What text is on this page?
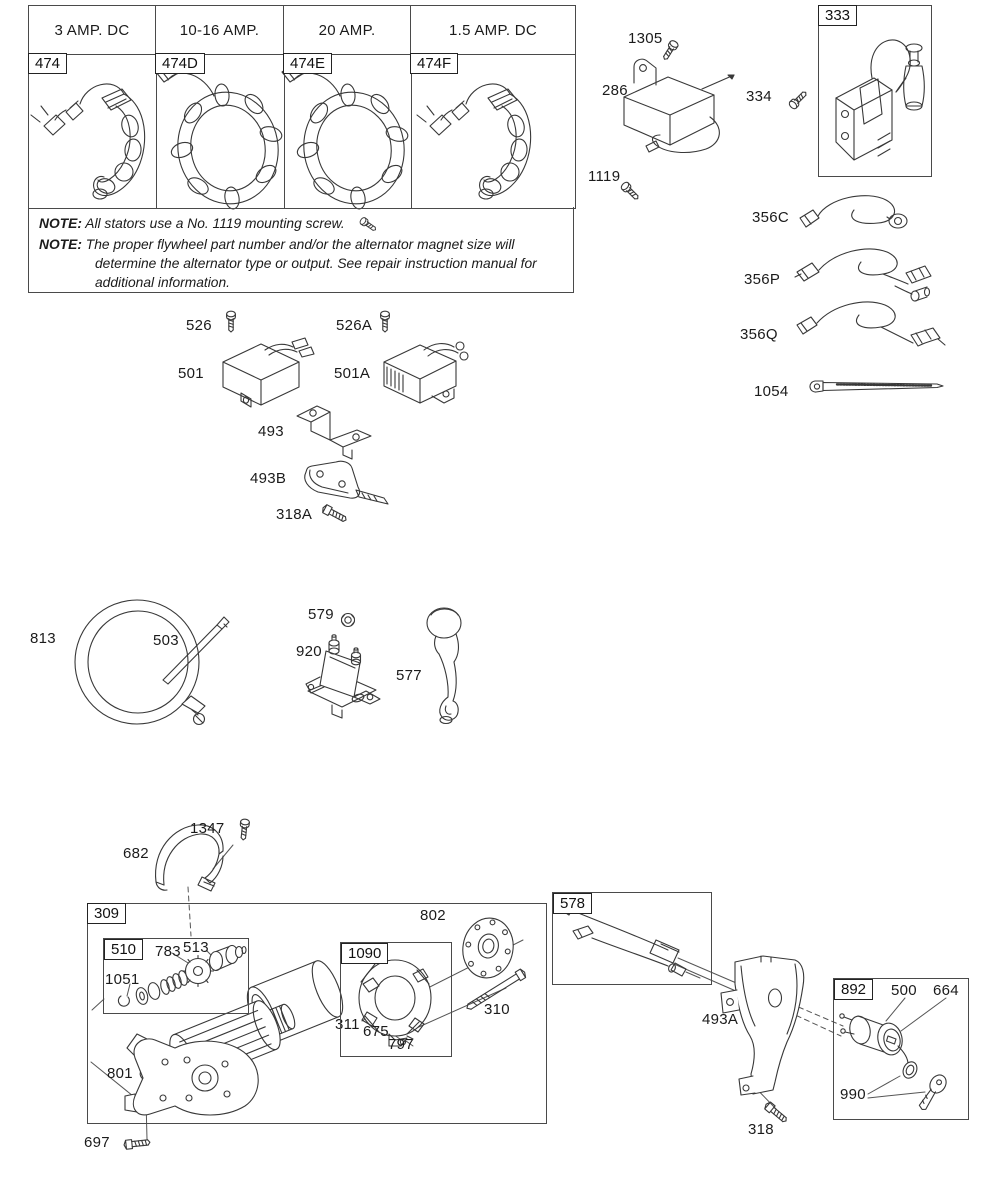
3 AMP. DC	10-16 AMP.	20 AMP.	1.5 AMP. DC
474	474D	474E	474F

NOTE: All stators use a No. 1119 mounting screw.

NOTE: The proper flywheel part number and/or the alternator magnet size will determine the alternator type or output. See repair instruction manual for additional information.

333
309
510	1090
578
892
1305
286	334
1119
356C
356P
356Q
1054
526	526A
501	501A
493
493B
318A
813	503
579
920
577
1347
682
783 513
1051
801
697
311 675
797
802
310
493A
500 664
990
318
